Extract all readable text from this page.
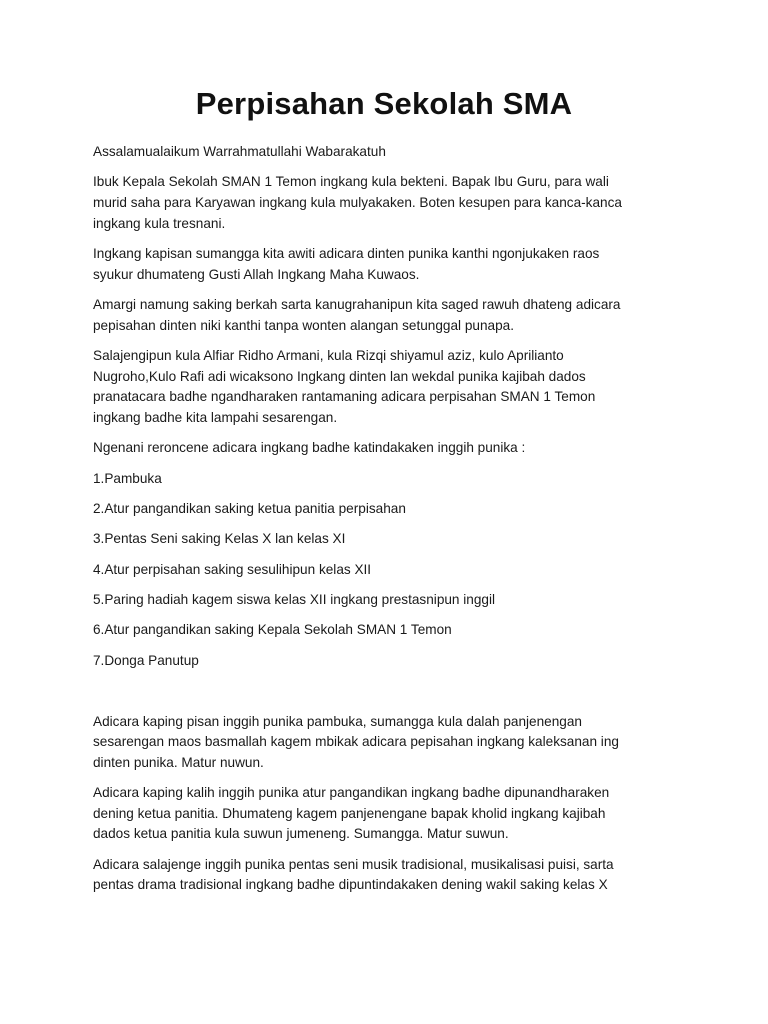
Perpisahan Sekolah SMA

Assalamualaikum Warrahmatullahi Wabarakatuh

Ibuk Kepala Sekolah SMAN 1 Temon ingkang kula bekteni. Bapak Ibu Guru, para wali
murid saha para Karyawan ingkang kula mulyakaken. Boten kesupen para kanca-kanca
ingkang kula tresnani.

Ingkang kapisan sumangga kita awiti adicara dinten punika kanthi ngonjukaken raos
syukur dhumateng Gusti Allah Ingkang Maha Kuwaos.

Amargi namung saking berkah sarta kanugrahanipun kita saged rawuh dhateng adicara
pepisahan dinten niki kanthi tanpa wonten alangan setunggal punapa.

Salajengipun kula Alfiar Ridho Armani, kula Rizqi shiyamul aziz, kulo Aprilianto
Nugroho,Kulo Rafi adi wicaksono Ingkang dinten lan wekdal punika kajibah dados
pranatacara badhe ngandharaken rantamaning adicara perpisahan SMAN 1 Temon
ingkang badhe kita lampahi sesarengan.

Ngenani reroncene adicara ingkang badhe katindakaken inggih punika :

1.Pambuka
2.Atur pangandikan saking ketua panitia perpisahan
3.Pentas Seni saking Kelas X lan kelas XI
4.Atur perpisahan saking sesulihipun kelas XII
5.Paring hadiah kagem siswa kelas XII ingkang prestasnipun inggil
6.Atur pangandikan saking Kepala Sekolah SMAN 1 Temon
7.Donga Panutup

Adicara kaping pisan inggih punika pambuka, sumangga kula dalah panjenengan
sesarengan maos basmallah kagem mbikak adicara pepisahan ingkang kaleksanan ing
dinten punika. Matur nuwun.

Adicara kaping kalih inggih punika atur pangandikan ingkang badhe dipunandharaken
dening ketua panitia. Dhumateng kagem panjenengane bapak kholid ingkang kajibah
dados ketua panitia kula suwun jumeneng. Sumangga. Matur suwun.

Adicara salajenge inggih punika pentas seni musik tradisional, musikalisasi puisi, sarta
pentas drama tradisional ingkang badhe dipuntindakaken dening wakil saking kelas X
